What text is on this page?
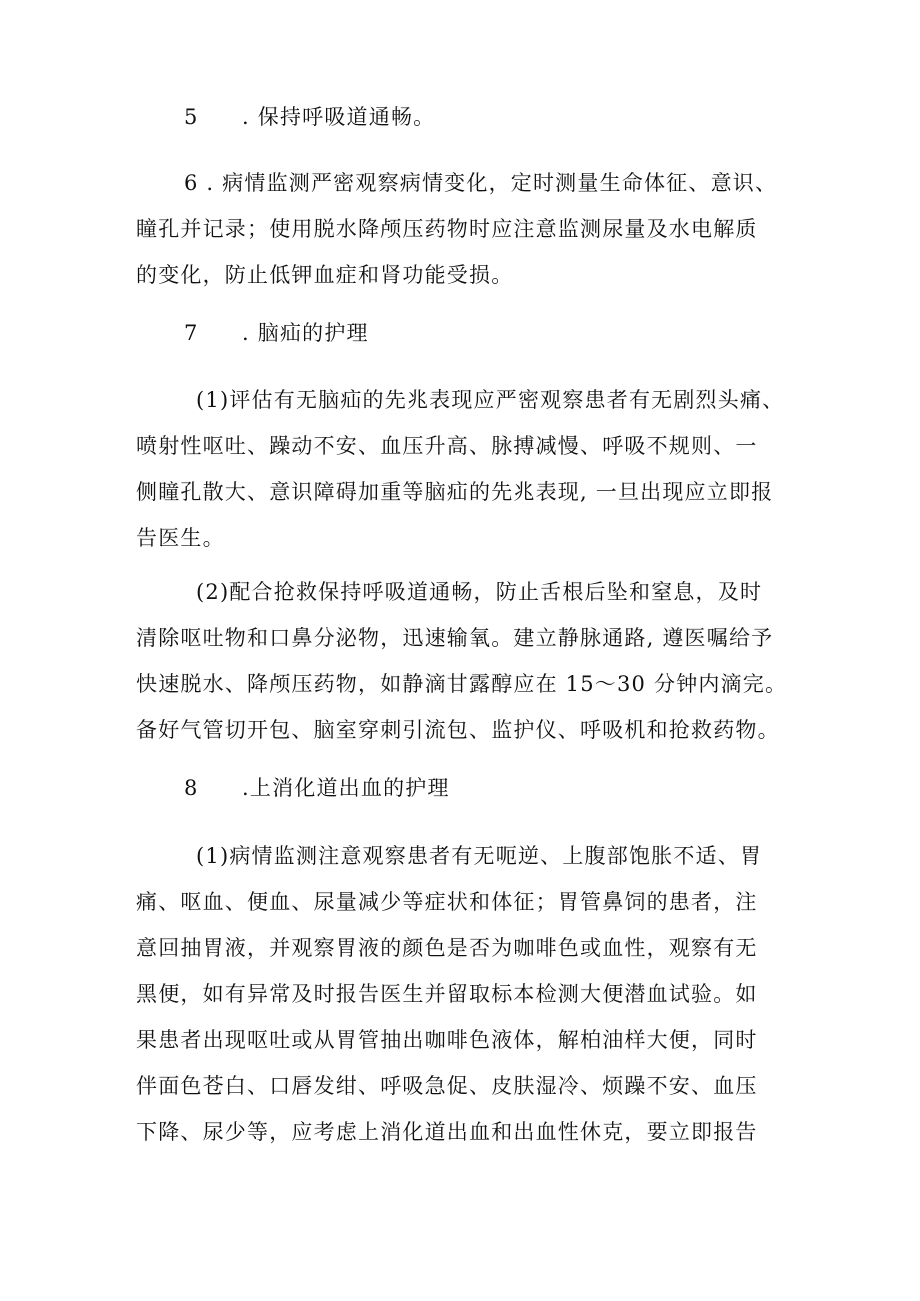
5 . 保持呼吸道通畅。
6 . 病情监测严密观察病情变化，定时测量生命体征、意识、
瞳孔并记录；使用脱水降颅压药物时应注意监测尿量及水电解质
的变化，防止低钾血症和肾功能受损。
7 . 脑疝的护理
(1)评估有无脑疝的先兆表现应严密观察患者有无剧烈头痛、
喷射性呕吐、躁动不安、血压升高、脉搏减慢、呼吸不规则、一
侧瞳孔散大、意识障碍加重等脑疝的先兆表现, 一旦出现应立即报
告医生。
(2)配合抢救保持呼吸道通畅，防止舌根后坠和窒息，及时
清除呕吐物和口鼻分泌物，迅速输氧。建立静脉通路, 遵医嘱给予
快速脱水、降颅压药物，如静滴甘露醇应在 15～30 分钟内滴完。
备好气管切开包、脑室穿刺引流包、监护仪、呼吸机和抢救药物。
8 .上消化道出血的护理
(1)病情监测注意观察患者有无呃逆、上腹部饱胀不适、胃
痛、呕血、便血、尿量减少等症状和体征；胃管鼻饲的患者，注
意回抽胃液，并观察胃液的颜色是否为咖啡色或血性，观察有无
黑便，如有异常及时报告医生并留取标本检测大便潜血试验。如
果患者出现呕吐或从胃管抽出咖啡色液体，解柏油样大便，同时
伴面色苍白、口唇发绀、呼吸急促、皮肤湿冷、烦躁不安、血压
下降、尿少等，应考虑上消化道出血和出血性休克，要立即报告
